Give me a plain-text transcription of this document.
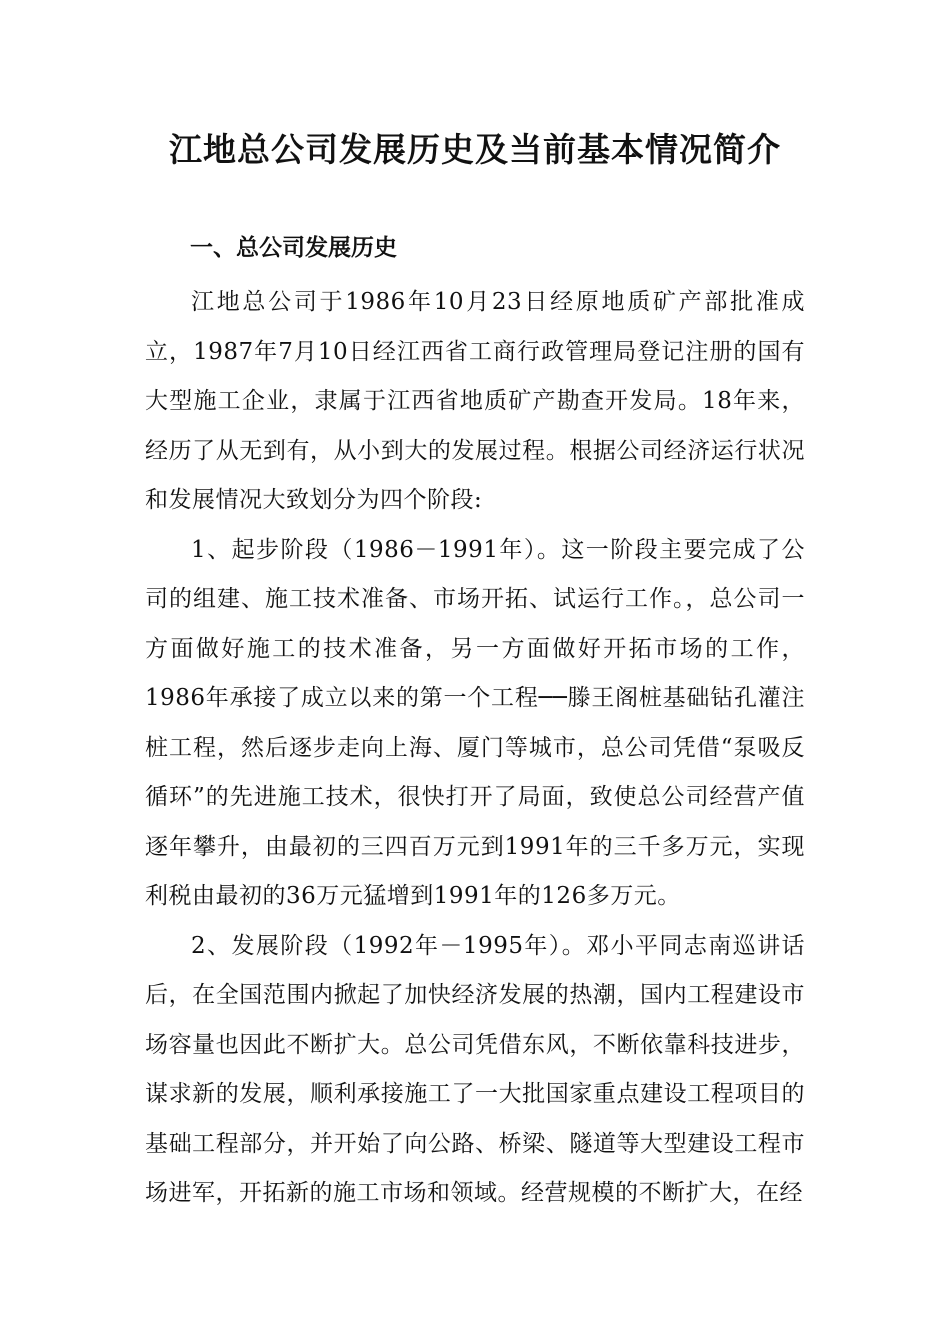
江地总公司发展历史及当前基本情况简介
一、总公司发展历史

江地总公司于1986年10月23日经原地质矿产部批准成立，1987年7月10日经江西省工商行政管理局登记注册的国有大型施工企业，隶属于江西省地质矿产勘查开发局。18年来，经历了从无到有，从小到大的发展过程。根据公司经济运行状况和发展情况大致划分为四个阶段:

1、起步阶段（1986－1991年）。这一阶段主要完成了公司的组建、施工技术准备、市场开拓、试运行工作。，总公司一方面做好施工的技术准备，另一方面做好开拓市场的工作，1986年承接了成立以来的第一个工程──滕王阁桩基础钻孔灌注桩工程，然后逐步走向上海、厦门等城市，总公司凭借“泵吸反循环”的先进施工技术，很快打开了局面，致使总公司经营产值逐年攀升，由最初的三四百万元到1991年的三千多万元，实现利税由最初的36万元猛增到1991年的126多万元。

2、发展阶段（1992年－1995年）。邓小平同志南巡讲话后，在全国范围内掀起了加快经济发展的热潮，国内工程建设市场容量也因此不断扩大。总公司凭借东风，不断依靠科技进步，谋求新的发展，顺利承接施工了一大批国家重点建设工程项目的基础工程部分，并开始了向公路、桥梁、隧道等大型建设工程市场进军，开拓新的施工市场和领域。经营规模的不断扩大，在经
